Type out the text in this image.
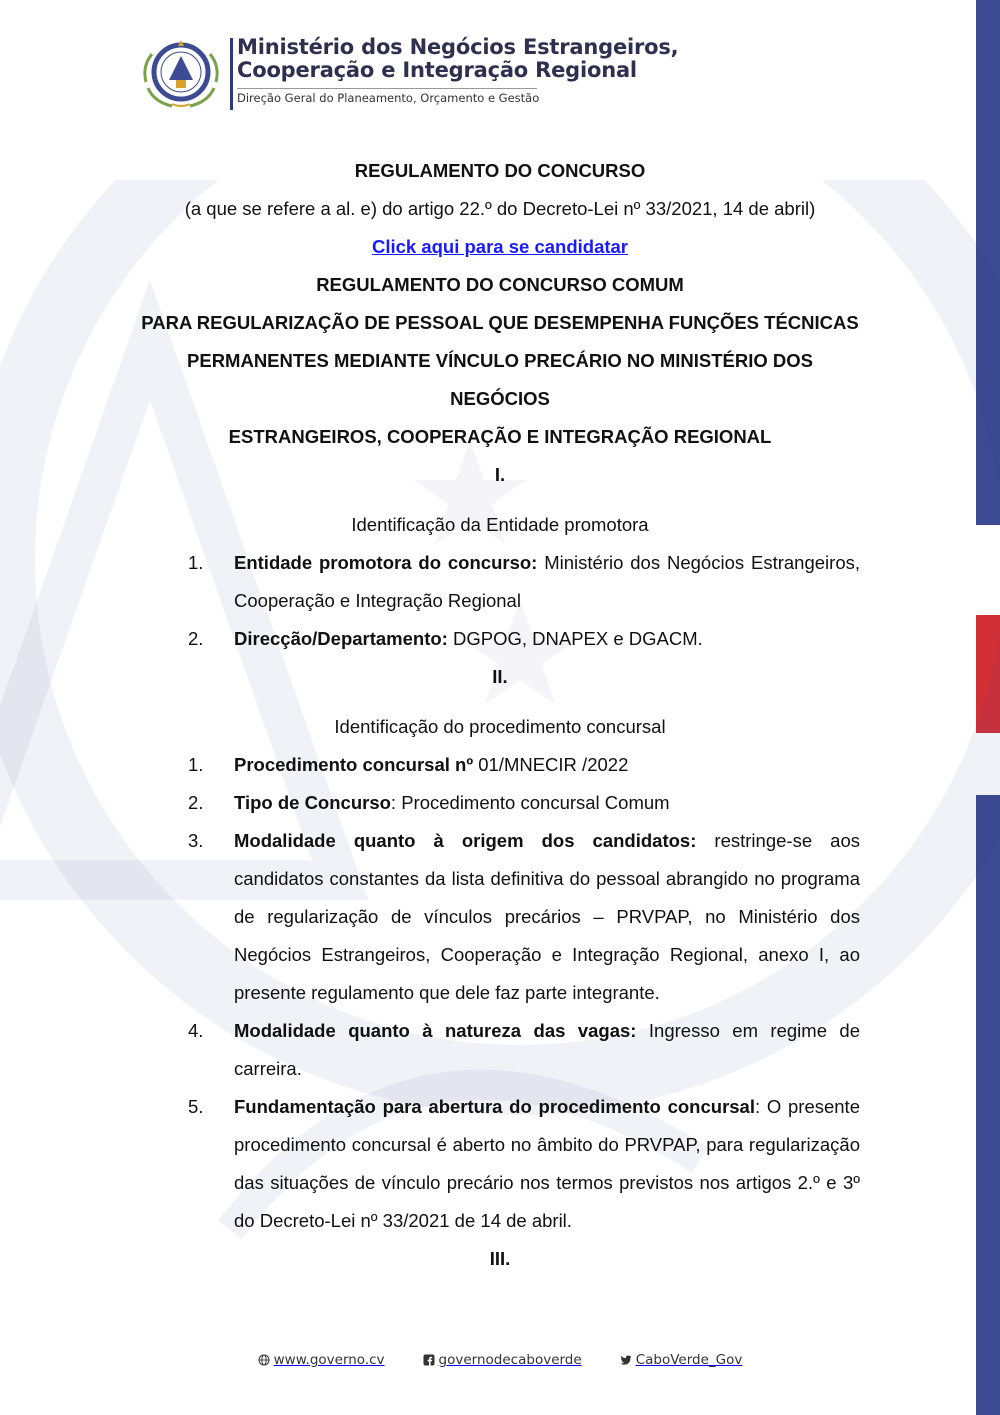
Ministério dos Negócios Estrangeiros,
Cooperação e Integração Regional
Direção Geral do Planeamento, Orçamento e Gestão
REGULAMENTO DO CONCURSO
(a que se refere a al. e) do artigo 22.º do Decreto-Lei nº 33/2021, 14 de abril)
Click aqui para se candidatar
REGULAMENTO DO CONCURSO COMUM
PARA REGULARIZAÇÃO DE PESSOAL QUE DESEMPENHA FUNÇÕES TÉCNICAS
PERMANENTES MEDIANTE VÍNCULO PRECÁRIO NO MINISTÉRIO DOS NEGÓCIOS
ESTRANGEIROS, COOPERAÇÃO E INTEGRAÇÃO REGIONAL
I.
Identificação da Entidade promotora
1.	Entidade promotora do concurso: Ministério dos Negócios Estrangeiros, Cooperação e Integração Regional
2.	Direcção/Departamento: DGPOG, DNAPEX e DGACM.
II.
Identificação do procedimento concursal
1.	Procedimento concursal nº 01/MNECIR /2022
2.	Tipo de Concurso: Procedimento concursal Comum
3.	Modalidade quanto à origem dos candidatos: restringe-se aos candidatos constantes da lista definitiva do pessoal abrangido no programa de regularização de vínculos precários – PRVPAP, no Ministério dos Negócios Estrangeiros, Cooperação e Integração Regional, anexo I, ao presente regulamento que dele faz parte integrante.
4.	Modalidade quanto à natureza das vagas: Ingresso em regime de carreira.
5.	Fundamentação para abertura do procedimento concursal: O presente procedimento concursal é aberto no âmbito do PRVPAP, para regularização das situações de vínculo precário nos termos previstos nos artigos 2.º e 3º do Decreto-Lei nº 33/2021 de 14 de abril.
III.
www.governo.cv	governodecaboverde	CaboVerde_Gov
